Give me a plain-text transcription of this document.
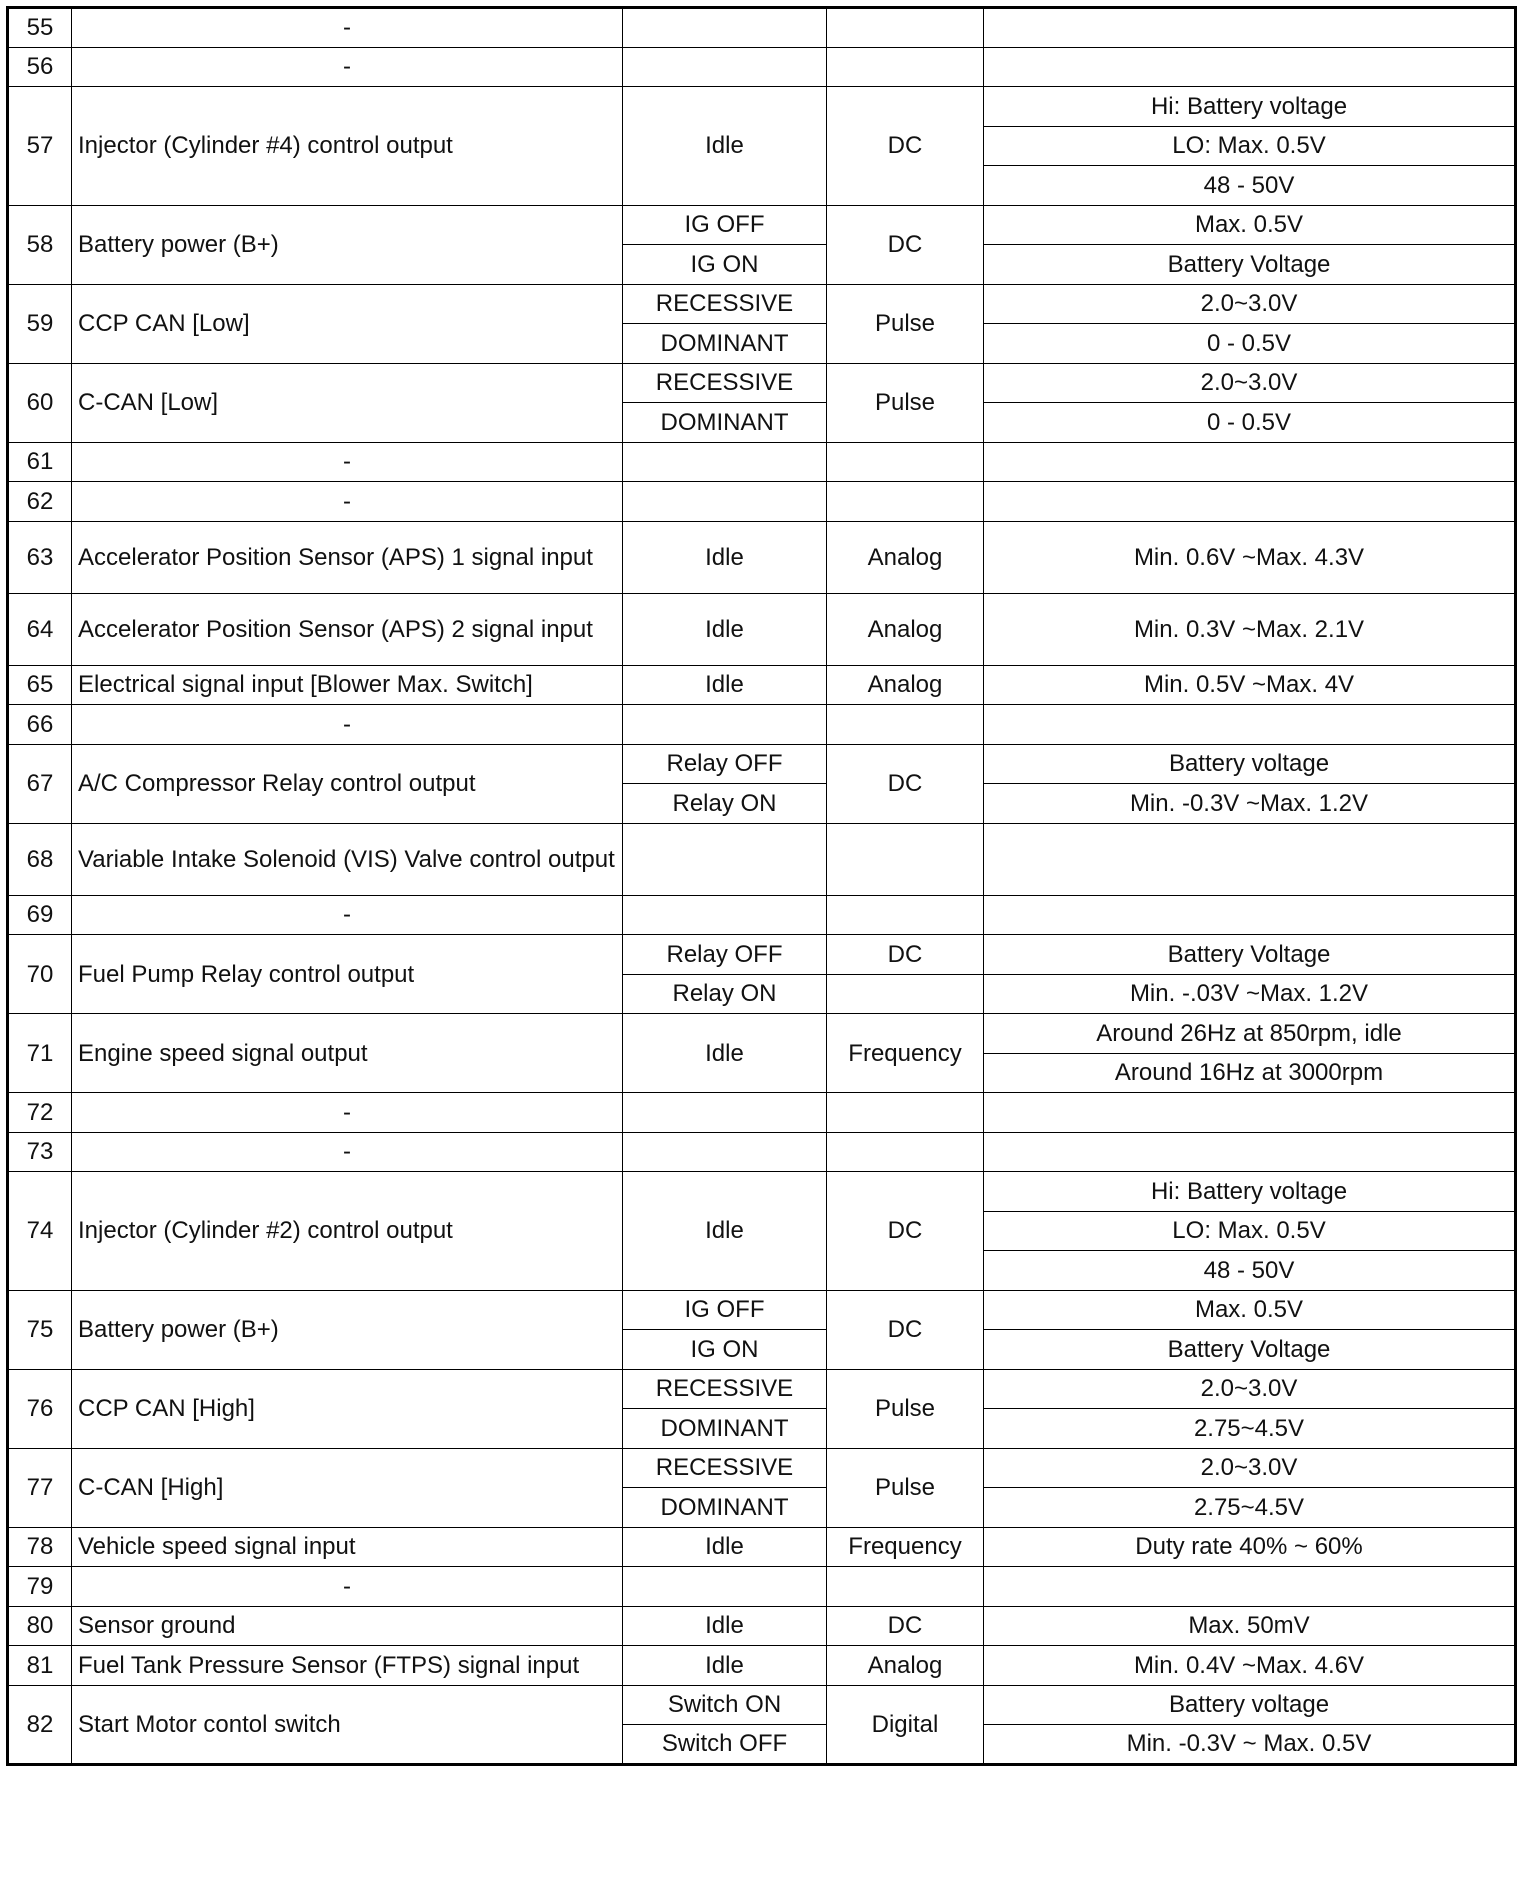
55	-			
56	-			
57	Injector (Cylinder #4) control output	Idle	DC	Hi: Battery voltage
				LO: Max. 0.5V
				48 - 50V
58	Battery power (B+)	IG OFF	DC	Max. 0.5V
		IG ON		Battery Voltage
59	CCP CAN [Low]	RECESSIVE	Pulse	2.0~3.0V
		DOMINANT		0 - 0.5V
60	C-CAN [Low]	RECESSIVE	Pulse	2.0~3.0V
		DOMINANT		0 - 0.5V
61	-			
62	-			
63	Accelerator Position Sensor (APS) 1 signal input	Idle	Analog	Min. 0.6V ~Max. 4.3V
64	Accelerator Position Sensor (APS) 2 signal input	Idle	Analog	Min. 0.3V ~Max. 2.1V
65	Electrical signal input [Blower Max. Switch]	Idle	Analog	Min. 0.5V ~Max. 4V
66	-			
67	A/C Compressor Relay control output	Relay OFF	DC	Battery voltage
		Relay ON		Min. -0.3V ~Max. 1.2V
68	Variable Intake Solenoid (VIS) Valve control output			
69	-			
70	Fuel Pump Relay control output	Relay OFF	DC	Battery Voltage
		Relay ON		Min. -.03V ~Max. 1.2V
71	Engine speed signal output	Idle	Frequency	Around 26Hz at 850rpm, idle
				Around 16Hz at 3000rpm
72	-			
73	-			
74	Injector (Cylinder #2) control output	Idle	DC	Hi: Battery voltage
				LO: Max. 0.5V
				48 - 50V
75	Battery power (B+)	IG OFF	DC	Max. 0.5V
		IG ON		Battery Voltage
76	CCP CAN [High]	RECESSIVE	Pulse	2.0~3.0V
		DOMINANT		2.75~4.5V
77	C-CAN [High]	RECESSIVE	Pulse	2.0~3.0V
		DOMINANT		2.75~4.5V
78	Vehicle speed signal input	Idle	Frequency	Duty rate 40% ~ 60%
79	-			
80	Sensor ground	Idle	DC	Max. 50mV
81	Fuel Tank Pressure Sensor (FTPS) signal input	Idle	Analog	Min. 0.4V ~Max. 4.6V
82	Start Motor contol switch	Switch ON	Digital	Battery voltage
		Switch OFF		Min. -0.3V ~ Max. 0.5V
